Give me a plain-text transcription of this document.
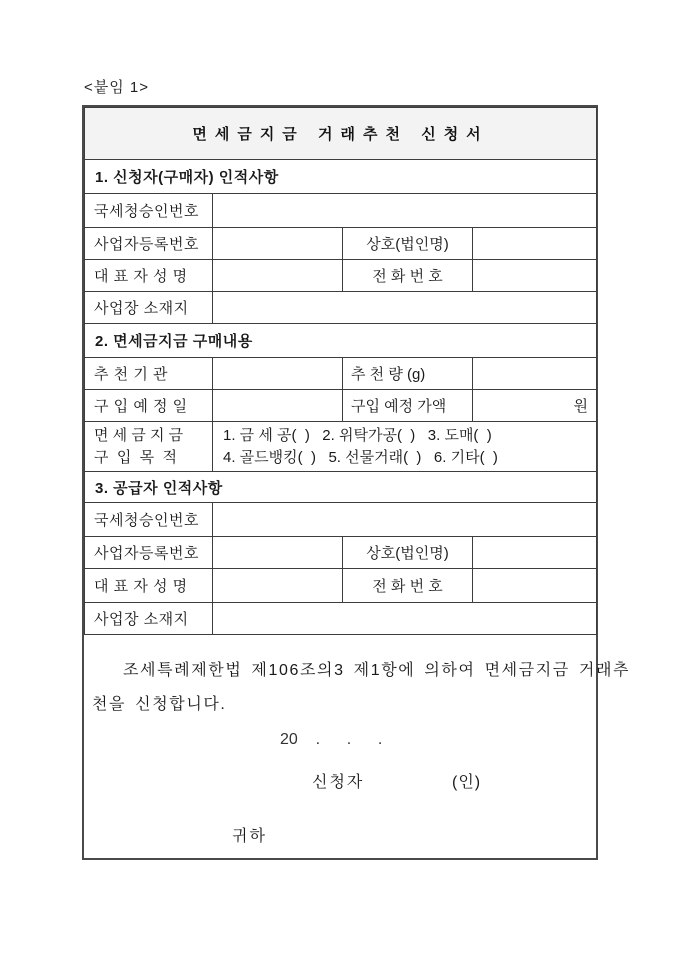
<붙임 1>
면세금지금 거래추천 신청서			
1. 신청자(구매자) 인적사항			
국세청승인번호			
사업자등록번호		상호(법인명)	
대 표 자 성 명		전 화 번 호	
사업장 소재지			
2. 면세금지금 구매내용			
추 천 기 관		추 천 량 (g)	
구 입 예 정 일		구입 예정 가액	원

면 세 금 지 금
구  입  목  적

1. 금 세 공(  )   2. 위탁가공(  )   3. 도매(  )
4. 골드뱅킹(  )   5. 선물거래(  )   6. 기타(  )

3. 공급자 인적사항			
국세청승인번호			
사업자등록번호		상호(법인명)	
대 표 자 성 명		전 화 번 호	
사업장 소재지			
조세특례제한법 제106조의3 제1항에 의하여 면세금지금 거래추
천을 신청합니다.
20    .      .      .
신청자	(인)
귀하
